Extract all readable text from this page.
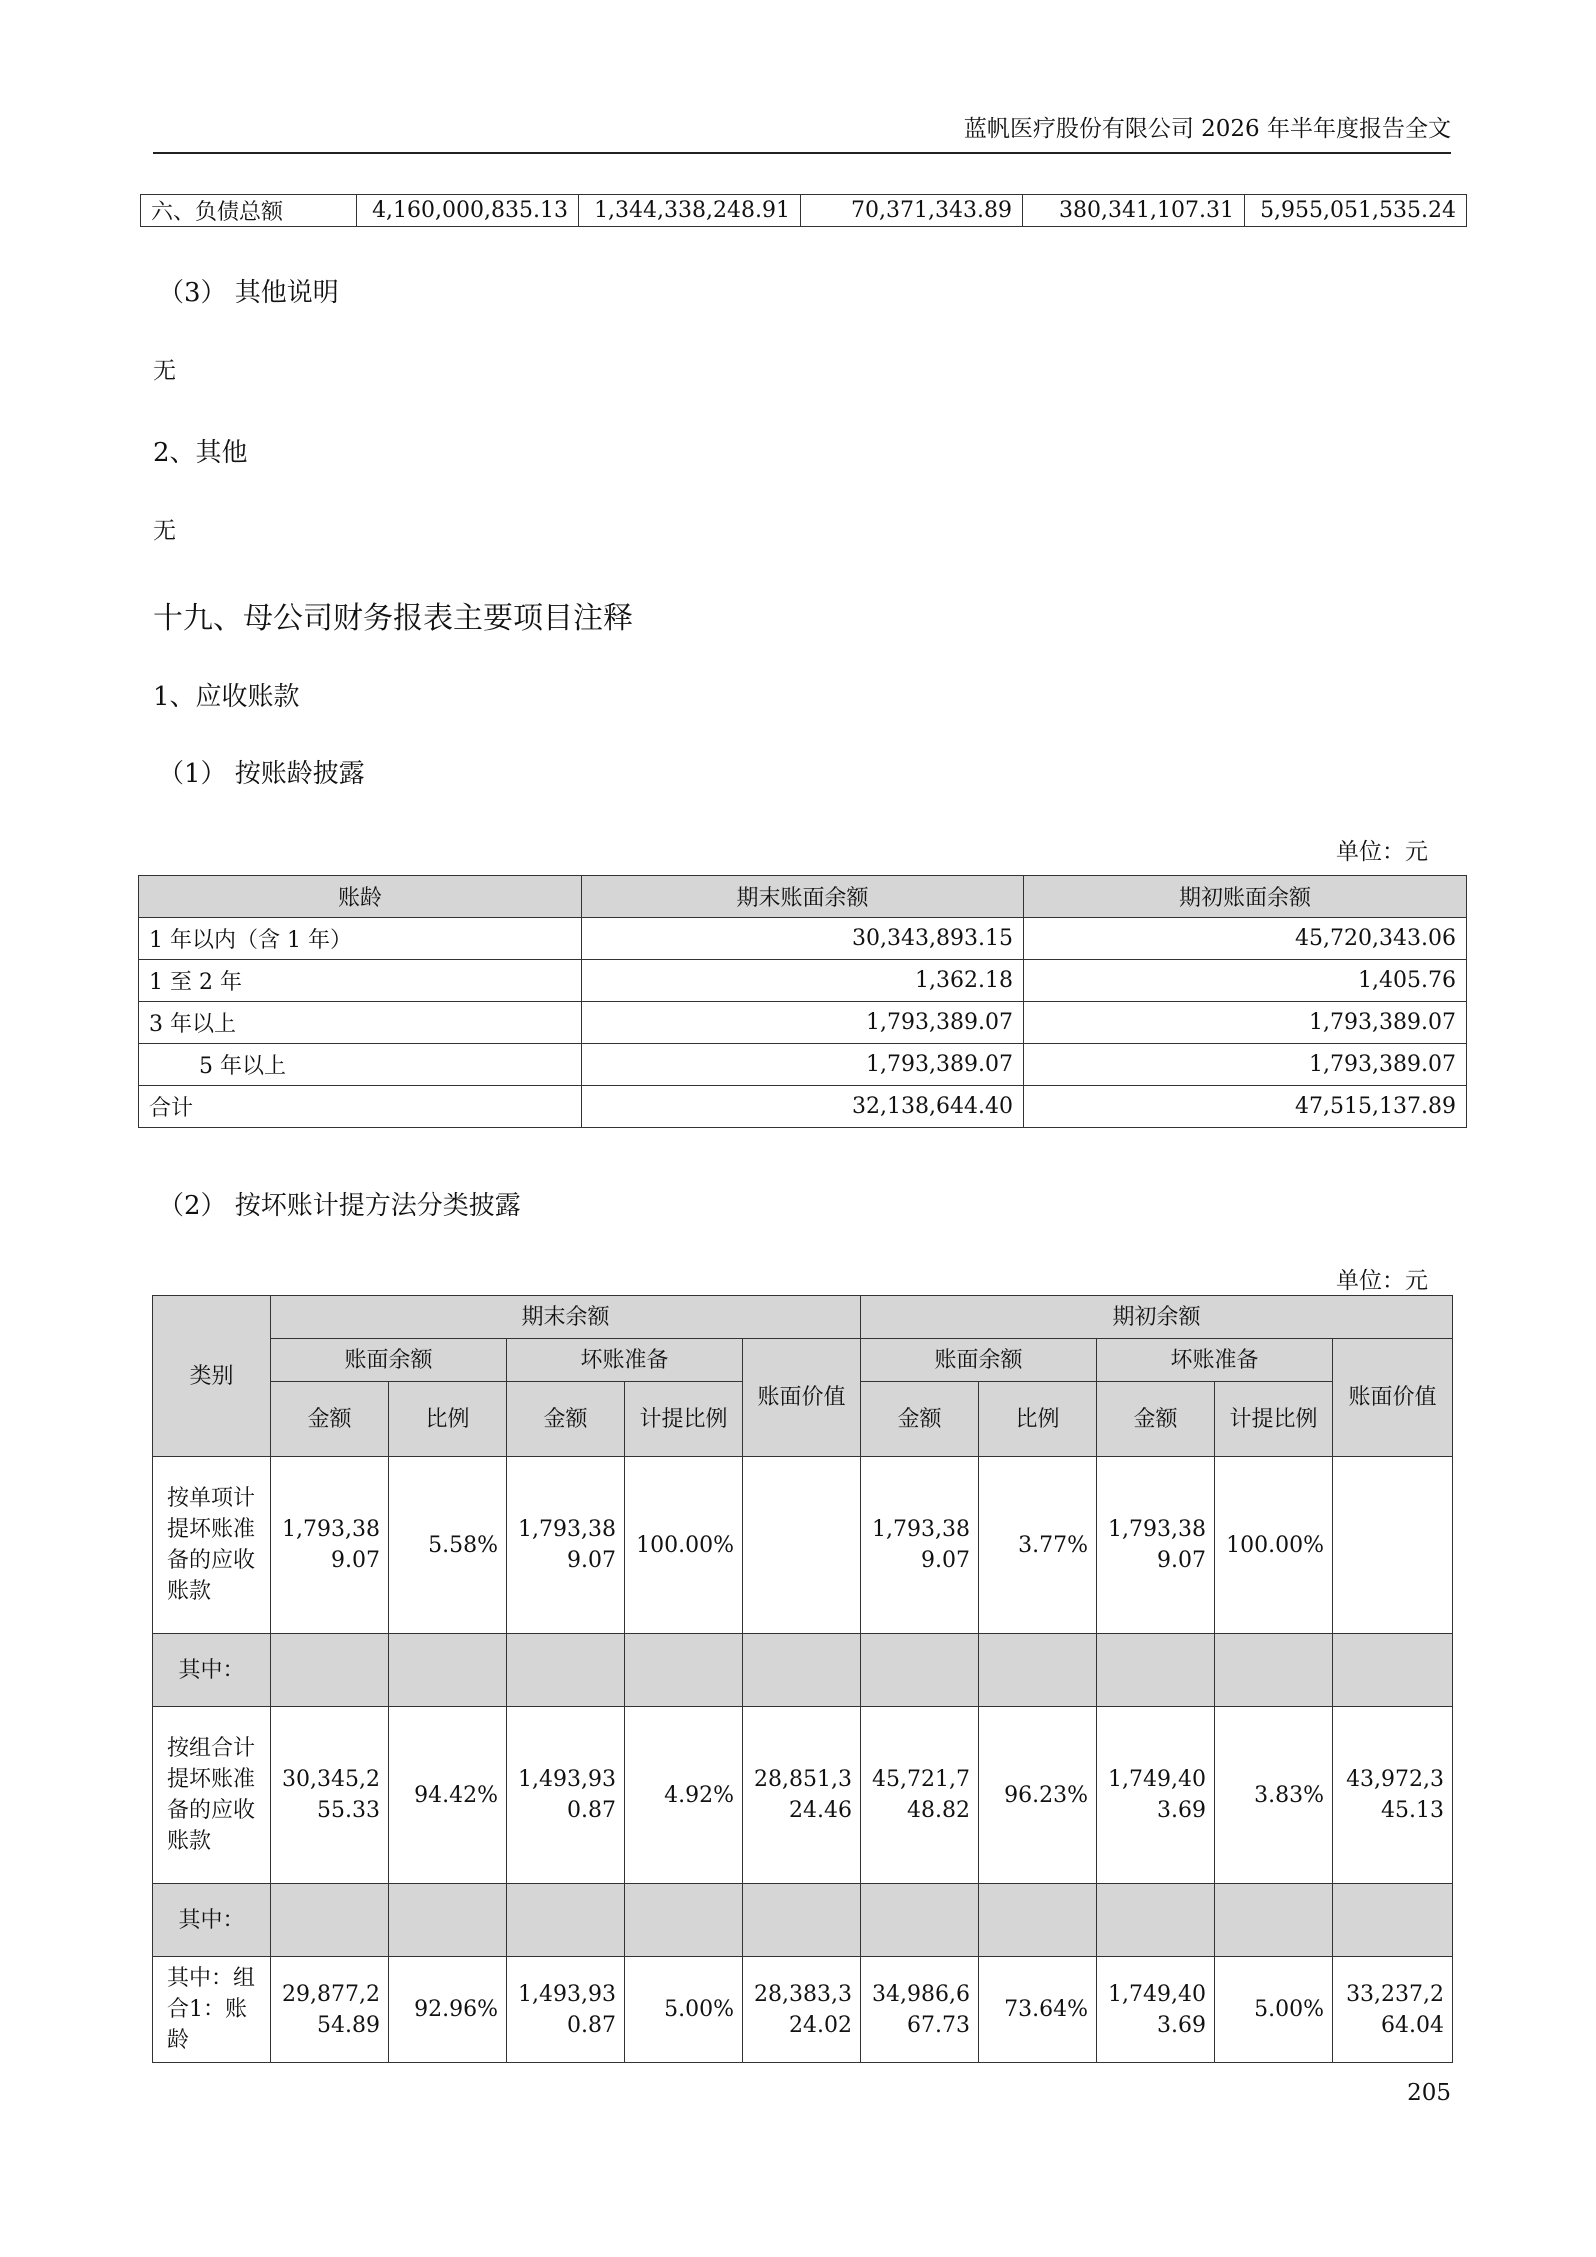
蓝帆医疗股份有限公司 2026 年半年度报告全文
六、负债总额	4,160,000,835.13	1,344,338,248.91	70,371,343.89	380,341,107.31	5,955,051,535.24
（3） 其他说明
无
2、其他
无
十九、母公司财务报表主要项目注释
1、应收账款
（1） 按账龄披露
单位：元
账龄	期末账面余额	期初账面余额
1 年以内（含 1 年）	30,343,893.15	45,720,343.06
1 至 2 年	1,362.18	1,405.76
3 年以上	1,793,389.07	1,793,389.07
5 年以上	1,793,389.07	1,793,389.07
合计	32,138,644.40	47,515,137.89
（2） 按坏账计提方法分类披露
单位：元
类别	期末余额					期初余额				
	账面余额		坏账准备		账面价值	账面余额		坏账准备		账面价值
	金额	比例	金额	计提比例		金额	比例	金额	计提比例	
按单项计提坏账准备的应收账款	1,793,389.07	5.58%	1,793,389.07	100.00%		1,793,389.07	3.77%	1,793,389.07	100.00%	
其中：										
按组合计提坏账准备的应收账款	30,345,255.33	94.42%	1,493,930.87	4.92%	28,851,324.46	45,721,748.82	96.23%	1,749,403.69	3.83%	43,972,345.13
其中：										
其中：组合1：账龄	29,877,254.89	92.96%	1,493,930.87	5.00%	28,383,324.02	34,986,667.73	73.64%	1,749,403.69	5.00%	33,237,264.04
205
